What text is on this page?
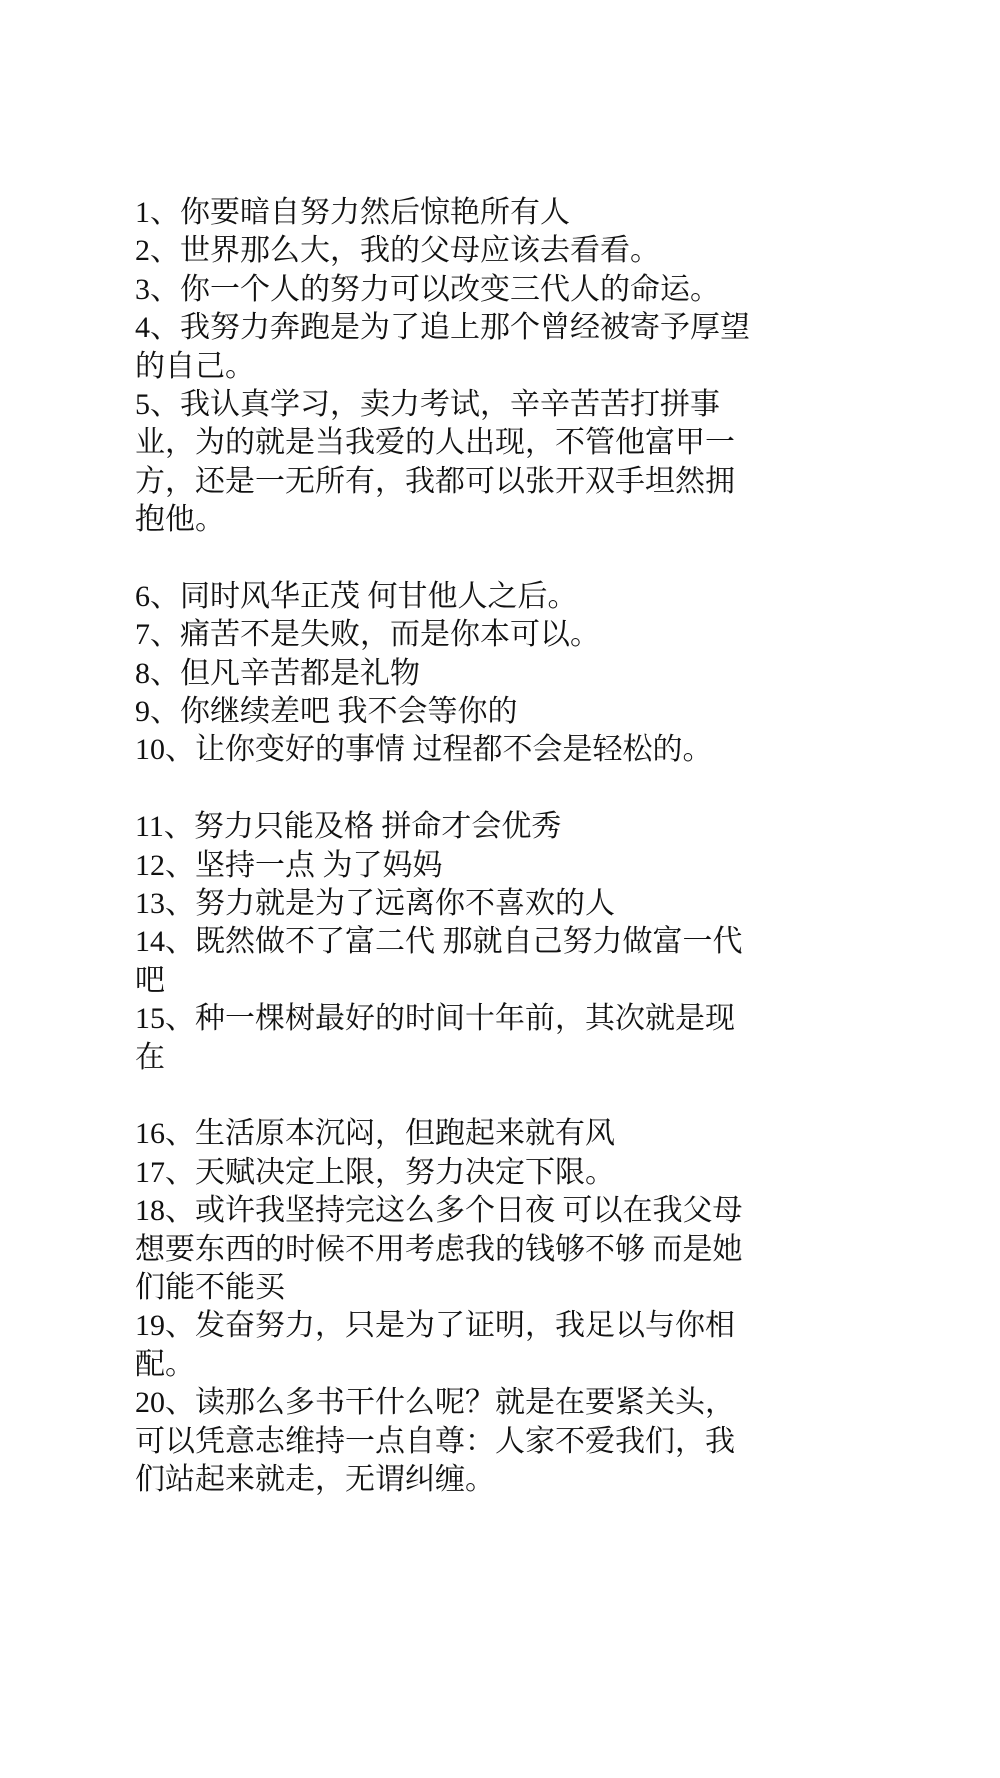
1、你要暗自努力然后惊艳所有人
2、世界那么大，我的父母应该去看看。
3、你一个人的努力可以改变三代人的命运。
4、我努力奔跑是为了追上那个曾经被寄予厚望
的自己。
5、我认真学习，卖力考试，辛辛苦苦打拼事
业，为的就是当我爱的人出现，不管他富甲一
方，还是一无所有，我都可以张开双手坦然拥
抱他。
6、同时风华正茂 何甘他人之后。
7、痛苦不是失败，而是你本可以。
8、但凡辛苦都是礼物
9、你继续差吧 我不会等你的
10、让你变好的事情 过程都不会是轻松的。
11、努力只能及格 拼命才会优秀
12、坚持一点 为了妈妈
13、努力就是为了远离你不喜欢的人
14、既然做不了富二代 那就自己努力做富一代
吧
15、种一棵树最好的时间十年前，其次就是现
在
16、生活原本沉闷，但跑起来就有风
17、天赋决定上限，努力决定下限。
18、或许我坚持完这么多个日夜 可以在我父母
想要东西的时候不用考虑我的钱够不够 而是她
们能不能买
19、发奋努力，只是为了证明，我足以与你相
配。
20、读那么多书干什么呢？就是在要紧关头，
可以凭意志维持一点自尊：人家不爱我们，我
们站起来就走，无谓纠缠。
